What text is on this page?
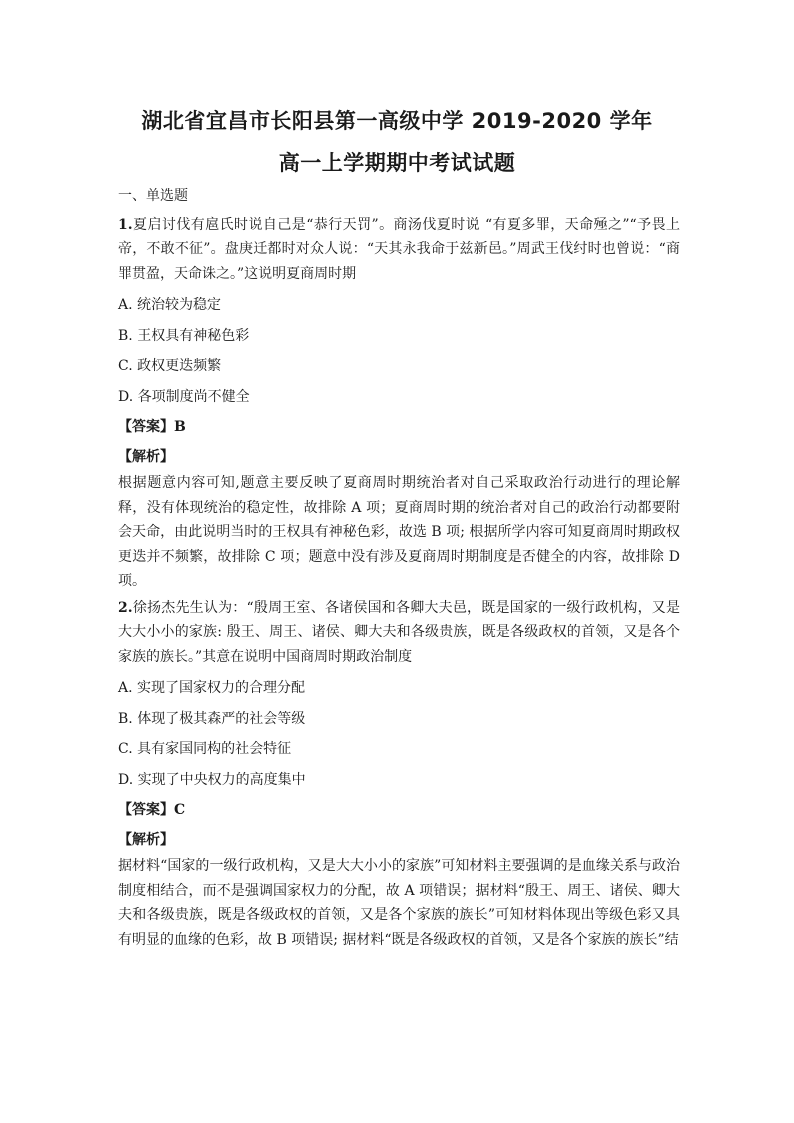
湖北省宜昌市长阳县第一高级中学 2019-2020 学年
高一上学期期中考试试题

一、单选题

1.夏启讨伐有扈氏时说自己是“恭行天罚”。商汤伐夏时说 “有夏多罪，天命殛之”“予畏上帝，不敢不征”。盘庚迁都时对众人说：“天其永我命于兹新邑。”周武王伐纣时也曾说：“商罪贯盈，天命诛之。”这说明夏商周时期

A. 统治较为稳定

B. 王权具有神秘色彩

C. 政权更迭频繁

D. 各项制度尚不健全

【答案】B

【解析】

根据题意内容可知,题意主要反映了夏商周时期统治者对自己采取政治行动进行的理论解释，没有体现统治的稳定性，故排除 A 项；夏商周时期的统治者对自己的政治行动都要附会天命，由此说明当时的王权具有神秘色彩，故选 B 项; 根据所学内容可知夏商周时期政权更迭并不频繁，故排除 C 项；题意中没有涉及夏商周时期制度是否健全的内容，故排除 D 项。

2.徐扬杰先生认为：“殷周王室、各诸侯国和各卿大夫邑，既是国家的一级行政机构，又是大大小小的家族: 殷王、周王、诸侯、卿大夫和各级贵族，既是各级政权的首领，又是各个家族的族长。”其意在说明中国商周时期政治制度

A. 实现了国家权力的合理分配

B. 体现了极其森严的社会等级

C. 具有家国同构的社会特征

D. 实现了中央权力的高度集中

【答案】C

【解析】

据材料“国家的一级行政机构，又是大大小小的家族”可知材料主要强调的是血缘关系与政治制度相结合，而不是强调国家权力的分配，故 A 项错误；据材料“殷王、周王、诸侯、卿大夫和各级贵族，既是各级政权的首领，又是各个家族的族长”可知材料体现出等级色彩又具有明显的血缘的色彩，故 B 项错误; 据材料“既是各级政权的首领，又是各个家族的族长”结
